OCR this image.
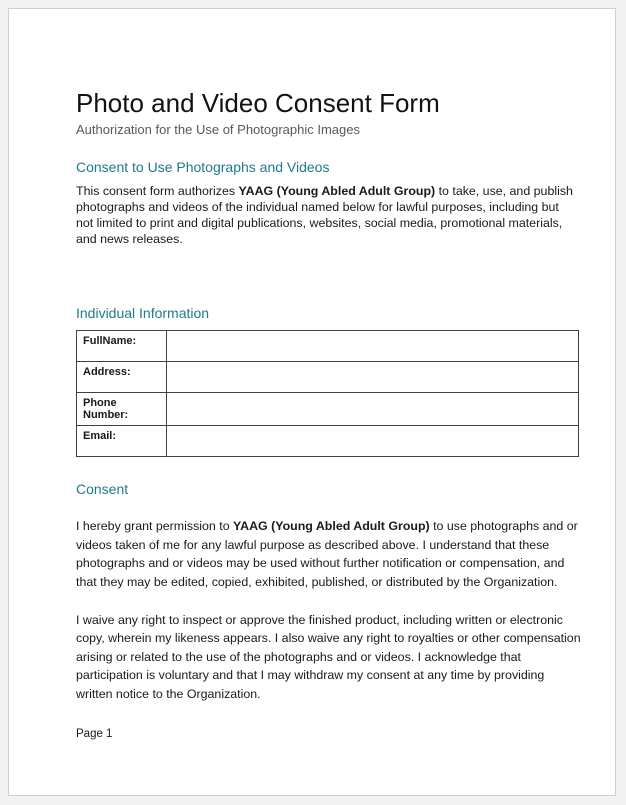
Photo and Video Consent Form

Authorization for the Use of Photographic Images

Consent to Use Photographs and Videos

This consent form authorizes YAAG (Young Abled Adult Group) to take, use, and publish photographs and videos of the individual named below for lawful purposes, including but not limited to print and digital publications, websites, social media, promotional materials, and news releases.

Individual Information
FullName:	
Address:	
Phone Number:	
Email:	
Consent

I hereby grant permission to YAAG (Young Abled Adult Group) to use photographs and or videos taken of me for any lawful purpose as described above. I understand that these photographs and or videos may be used without further notification or compensation, and that they may be edited, copied, exhibited, published, or distributed by the Organization.

I waive any right to inspect or approve the finished product, including written or electronic copy, wherein my likeness appears. I also waive any right to royalties or other compensation arising or related to the use of the photographs and or videos. I acknowledge that participation is voluntary and that I may withdraw my consent at any time by providing written notice to the Organization.

Page 1
